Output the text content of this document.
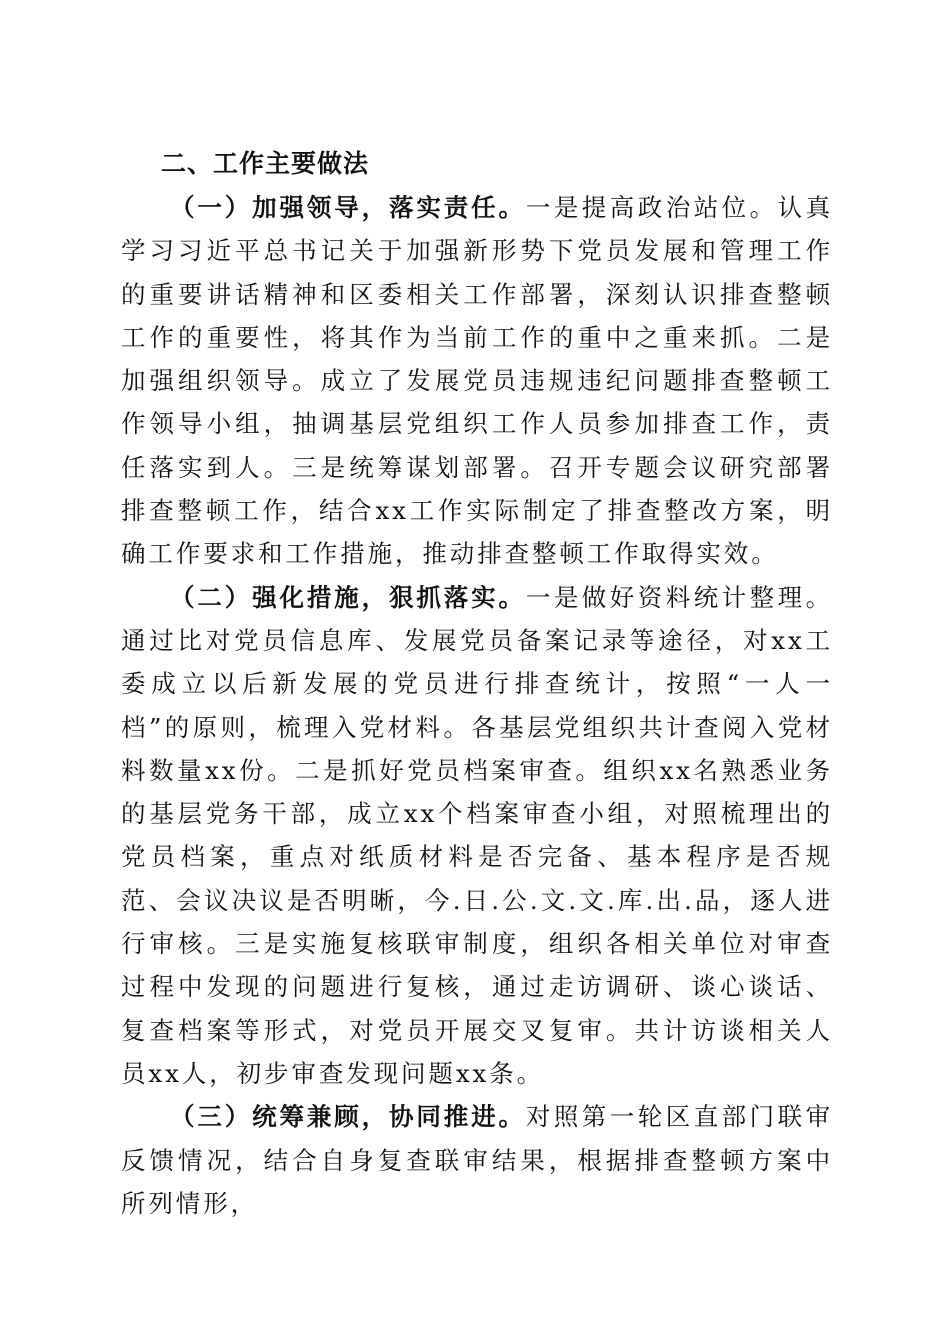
二、工作主要做法

（一）加强领导，落实责任。一是提高政治站位。认真学习习近平总书记关于加强新形势下党员发展和管理工作的重要讲话精神和区委相关工作部署，深刻认识排查整顿工作的重要性，将其作为当前工作的重中之重来抓。二是加强组织领导。成立了发展党员违规违纪问题排查整顿工作领导小组，抽调基层党组织工作人员参加排查工作，责任落实到人。三是统筹谋划部署。召开专题会议研究部署排查整顿工作，结合xx工作实际制定了排查整改方案，明确工作要求和工作措施，推动排查整顿工作取得实效。

（二）强化措施，狠抓落实。一是做好资料统计整理。通过比对党员信息库、发展党员备案记录等途径，对xx工委成立以后新发展的党员进行排查统计，按照“一人一档”的原则，梳理入党材料。各基层党组织共计查阅入党材料数量xx份。二是抓好党员档案审查。组织xx名熟悉业务的基层党务干部，成立xx个档案审查小组，对照梳理出的党员档案，重点对纸质材料是否完备、基本程序是否规范、会议决议是否明晰，今.日.公.文.文.库.出.品，逐人进行审核。三是实施复核联审制度，组织各相关单位对审查过程中发现的问题进行复核，通过走访调研、谈心谈话、复查档案等形式，对党员开展交叉复审。共计访谈相关人员xx人，初步审查发现问题xx条。

（三）统筹兼顾，协同推进。对照第一轮区直部门联审反馈情况，结合自身复查联审结果，根据排查整顿方案中所列情形，
